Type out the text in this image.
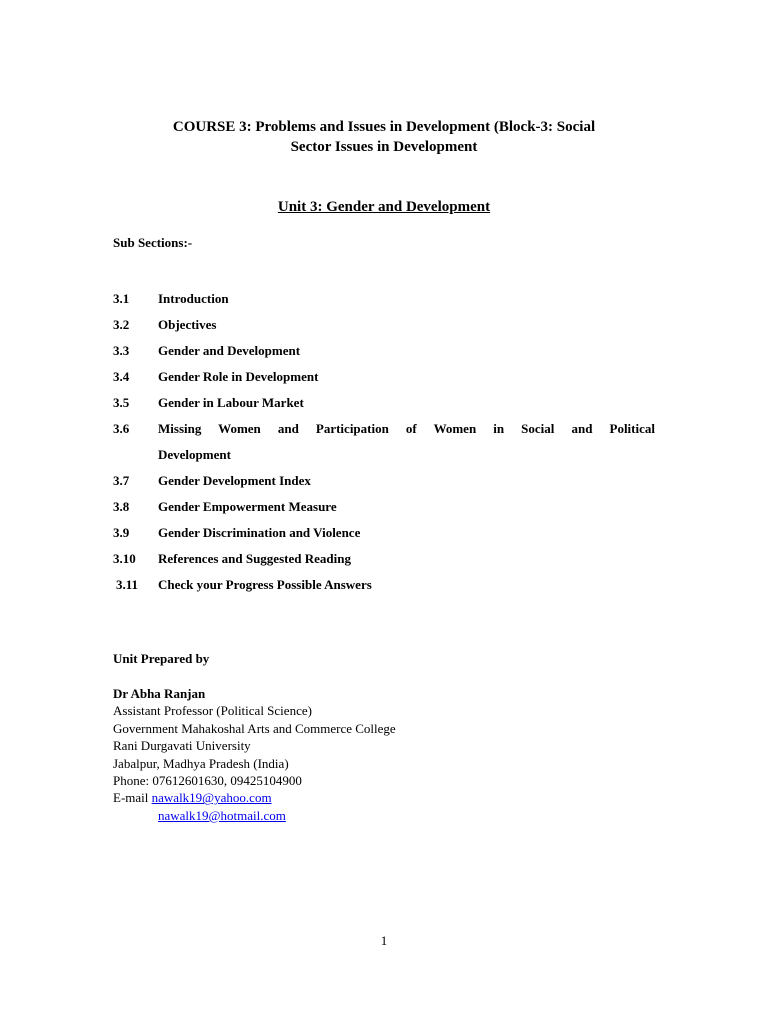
COURSE 3: Problems and Issues in Development (Block-3: Social
Sector Issues in Development
Unit 3: Gender and Development
Sub Sections:-
3.1	Introduction
3.2	Objectives
3.3	Gender and Development
3.4	Gender Role in Development
3.5	Gender in Labour Market
3.6	Missing Women and Participation of Women in Social and Political
Development
3.7	Gender Development Index
3.8	Gender Empowerment Measure
3.9	Gender Discrimination and Violence
3.10	References and Suggested Reading
3.11	Check your Progress Possible Answers
Unit Prepared by
Dr Abha Ranjan
Assistant Professor (Political Science)
Government Mahakoshal Arts and Commerce College
Rani Durgavati University
Jabalpur, Madhya Pradesh (India)
Phone: 07612601630, 09425104900
E-mail nawalk19@yahoo.com
nawalk19@hotmail.com
1
